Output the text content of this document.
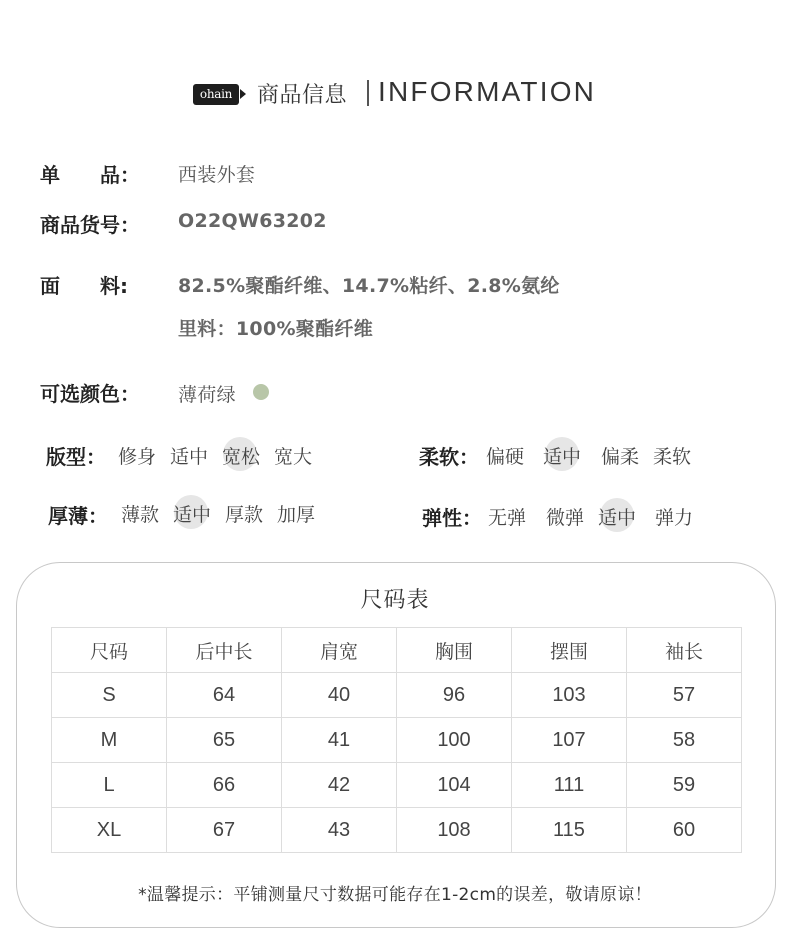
ohain	商品信息 INFORMATION
单　　品： 西装外套
商品货号： O22QW63202
面　　料:	82.5%聚酯纤维、14.7%粘纤、2.8%氨纶
里料：100%聚酯纤维
可选颜色： 薄荷绿
版型： 修身 适中 宽松 宽大	柔软： 偏硬 适中 偏柔 柔软
厚薄： 薄款 适中 厚款 加厚	弹性： 无弹 微弹 适中 弹力
尺码表
尺码	后中长	肩宽	胸围	摆围	袖长
S	64	40	96	103	57
M	65	41	100	107	58
L	66	42	104	111	59
XL	67	43	108	115	60
*温馨提示：平铺测量尺寸数据可能存在1-2cm的误差，敬请原谅！
